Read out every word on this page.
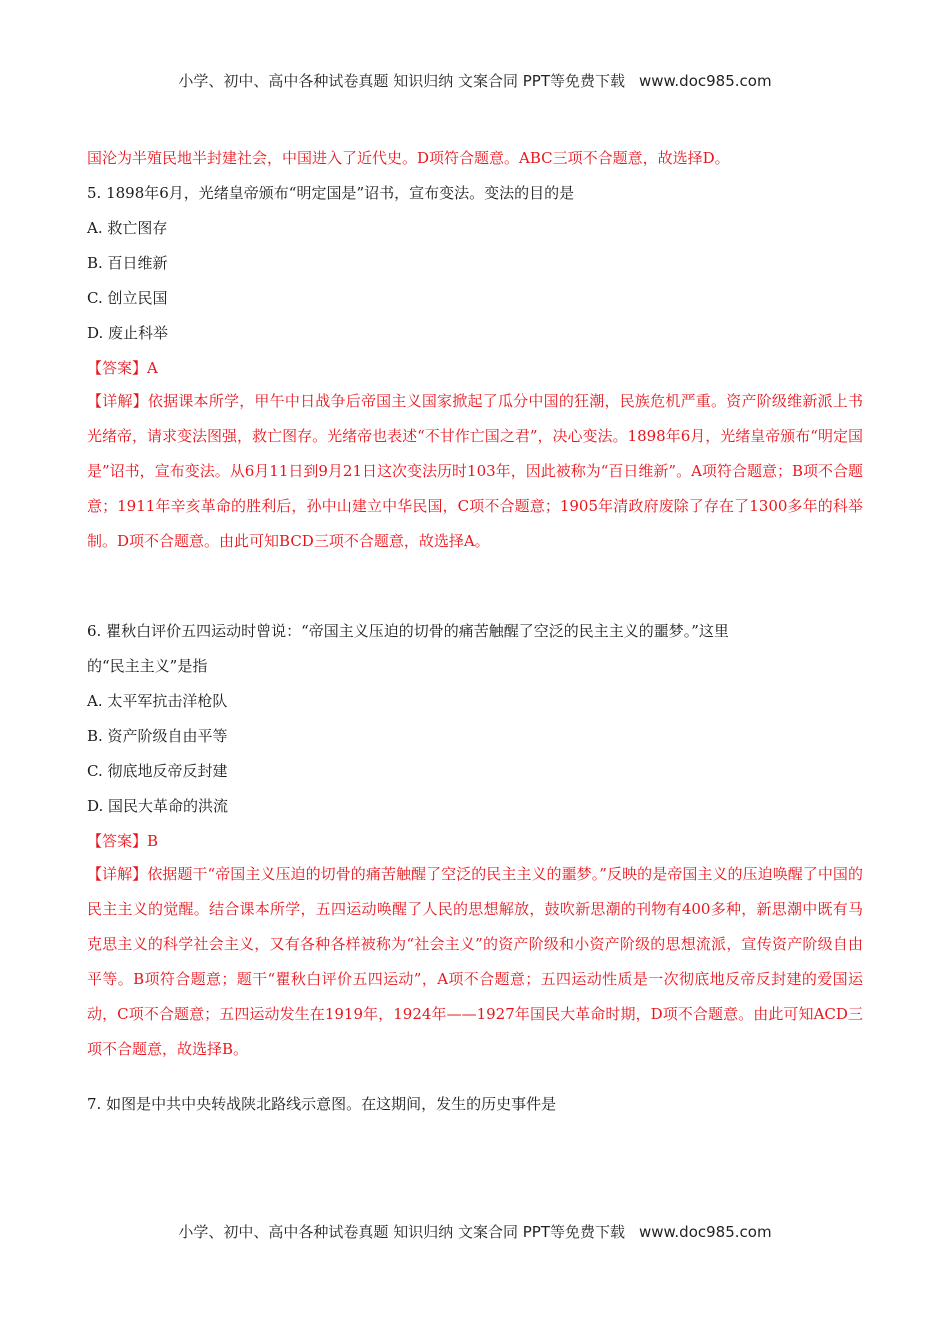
小学、初中、高中各种试卷真题 知识归纳 文案合同 PPT等免费下载 www.doc985.com
国沦为半殖民地半封建社会，中国进入了近代史。D项符合题意。ABC三项不合题意，故选择D。
5. 1898年6月，光绪皇帝颁布“明定国是”诏书，宣布变法。变法的目的是
A. 救亡图存
B. 百日维新
C. 创立民国
D. 废止科举
【答案】A
【详解】依据课本所学，甲午中日战争后帝国主义国家掀起了瓜分中国的狂潮，民族危机严重。资产阶级维新派上书光绪帝，请求变法图强，救亡图存。光绪帝也表述“不甘作亡国之君”，决心变法。1898年6月，光绪皇帝颁布“明定国是”诏书，宣布变法。从6月11日到9月21日这次变法历时103年，因此被称为“百日维新”。A项符合题意；B项不合题意；1911年辛亥革命的胜利后，孙中山建立中华民国，C项不合题意；1905年清政府废除了存在了1300多年的科举制。D项不合题意。由此可知BCD三项不合题意，故选择A。
6. 瞿秋白评价五四运动时曾说：“帝国主义压迫的切骨的痛苦触醒了空泛的民主主义的噩梦。”这里
的“民主主义”是指
A. 太平军抗击洋枪队
B. 资产阶级自由平等
C. 彻底地反帝反封建
D. 国民大革命的洪流
【答案】B
【详解】依据题干“帝国主义压迫的切骨的痛苦触醒了空泛的民主主义的噩梦。”反映的是帝国主义的压迫唤醒了中国的民主主义的觉醒。结合课本所学，五四运动唤醒了人民的思想解放，鼓吹新思潮的刊物有400多种，新思潮中既有马克思主义的科学社会主义，又有各种各样被称为“社会主义”的资产阶级和小资产阶级的思想流派，宣传资产阶级自由平等。B项符合题意；题干“瞿秋白评价五四运动”，A项不合题意；五四运动性质是一次彻底地反帝反封建的爱国运动，C项不合题意；五四运动发生在1919年，1924年——1927年国民大革命时期，D项不合题意。由此可知ACD三项不合题意，故选择B。
7. 如图是中共中央转战陕北路线示意图。在这期间，发生的历史事件是
小学、初中、高中各种试卷真题 知识归纳 文案合同 PPT等免费下载 www.doc985.com
